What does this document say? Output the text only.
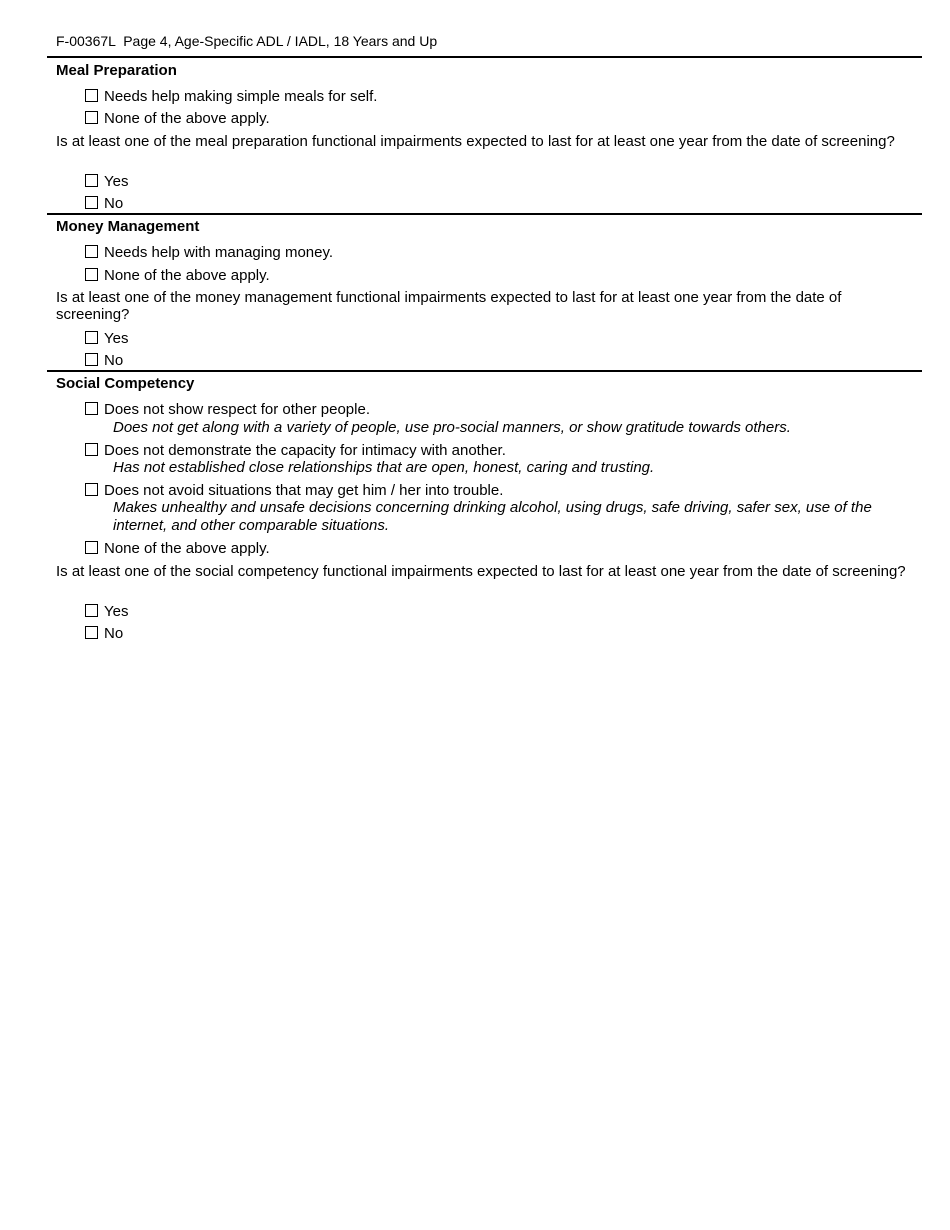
F-00367L Page 4, Age-Specific ADL / IADL, 18 Years and Up
Meal Preparation
Needs help making simple meals for self.
None of the above apply.
Is at least one of the meal preparation functional impairments expected to last for at least one year from the date of screening?
Yes
No
Money Management
Needs help with managing money.
None of the above apply.
Is at least one of the money management functional impairments expected to last for at least one year from the date of screening?
Yes
No
Social Competency
Does not show respect for other people.
Does not get along with a variety of people, use pro-social manners, or show gratitude towards others.
Does not demonstrate the capacity for intimacy with another.
Has not established close relationships that are open, honest, caring and trusting.
Does not avoid situations that may get him / her into trouble.
Makes unhealthy and unsafe decisions concerning drinking alcohol, using drugs, safe driving, safer sex, use of the internet, and other comparable situations.
None of the above apply.
Is at least one of the social competency functional impairments expected to last for at least one year from the date of screening?
Yes
No
